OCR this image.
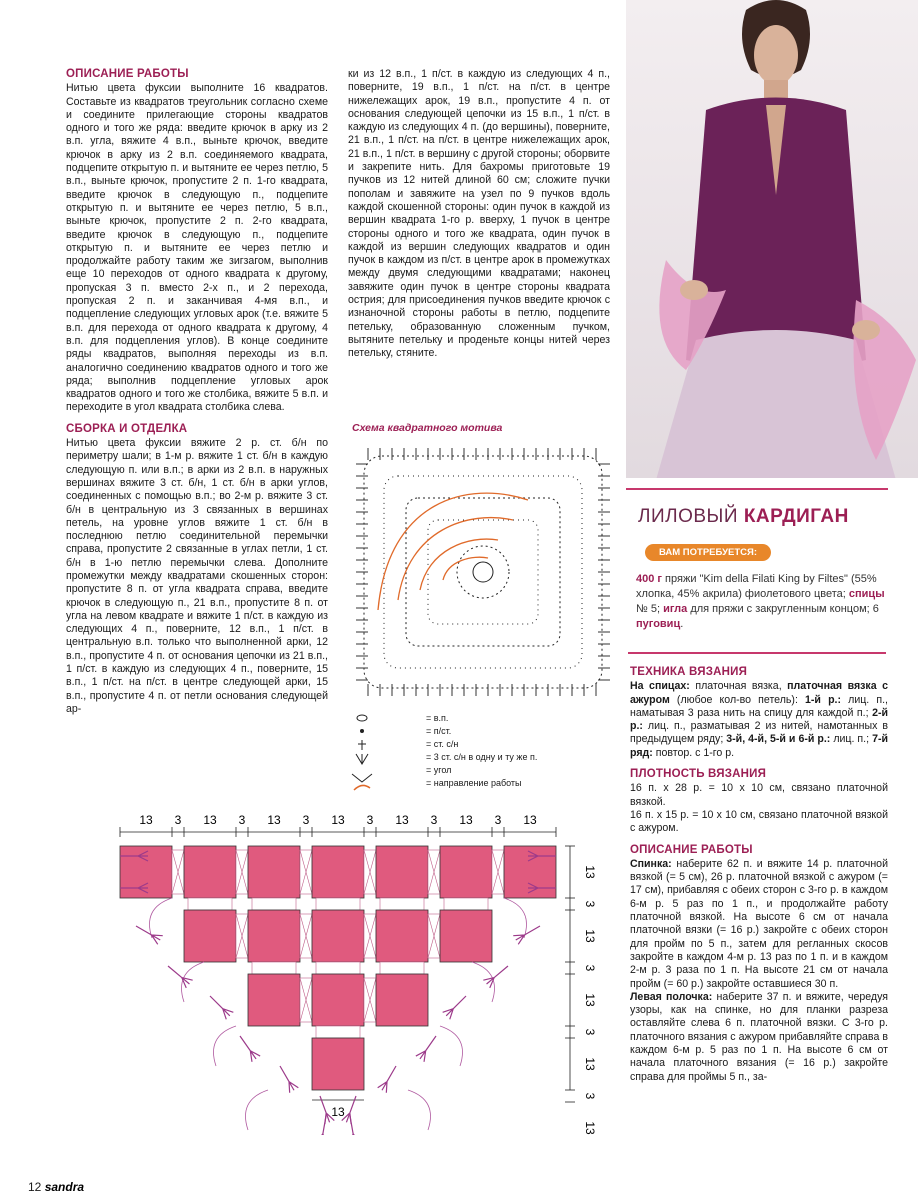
ОПИСАНИЕ РАБОТЫ
Нитью цвета фуксии выполните 16 квадратов. Составьте из квадратов треугольник согласно схеме и соедините прилегающие стороны квадратов одного и того же ряда: введите крючок в арку из 2 в.п. угла, вяжите 4 в.п., выньте крючок, введите крючок в арку из 2 в.п. соединяемого квадрата, подцепите открытую п. и вытяните ее через петлю, 5 в.п., выньте крючок, пропустите 2 п. 1-го квадрата, введите крючок в следующую п., подцепите открытую п. и вытяните ее через петлю, 5 в.п., выньте крючок, пропустите 2 п. 2-го квадрата, введите крючок в следующую п., подцепите открытую п. и вытяните ее через петлю и продолжайте работу таким же зигзагом, выполнив еще 10 переходов от одного квадрата к другому, пропуская 3 п. вместо 2-х п., и 2 перехода, пропуская 2 п. и заканчивая 4-мя в.п., и подцепление следующих угловых арок (т.е. вяжите 5 в.п. для перехода от одного квадрата к другому, 4 в.п. для подцепления углов). В конце соедините ряды квадратов, выполняя переходы из в.п. аналогично соединению квадратов одного и того же ряда; выполнив подцепление угловых арок квадратов одного и того же столбика, вяжите 5 в.п. и переходите в угол квадрата столбика слева.
СБОРКА И ОТДЕЛКА
Нитью цвета фуксии вяжите 2 р. ст. б/н по периметру шали; в 1-м р. вяжите 1 ст. б/н в каждую следующую п. или в.п.; в арки из 2 в.п. в наружных вершинах вяжите 3 ст. б/н, 1 ст. б/н в арки углов, соединенных с помощью в.п.; во 2-м р. вяжите 3 ст. б/н в центральную из 3 связанных в вершинах петель, на уровне углов вяжите 1 ст. б/н в последнюю петлю соединительной перемычки справа, пропустите 2 связанные в углах петли, 1 ст. б/н в 1-ю петлю перемычки слева. Дополните промежутки между квадратами скошенных сторон: пропустите 8 п. от угла квадрата справа, введите крючок в следующую п., 21 в.п., пропустите 8 п. от угла на левом квадрате и вяжите 1 п/ст. в каждую из следующих 4 п., поверните, 12 в.п., 1 п/ст. в центральную в.п. только что выполненной арки, 12 в.п., пропустите 4 п. от основания цепочки из 21 в.п., 1 п/ст. в каждую из следующих 4 п., поверните, 15 в.п., 1 п/ст. на п/ст. в центре следующей арки, 15 в.п., пропустите 4 п. от петли основания следующей ар-
ки из 12 в.п., 1 п/ст. в каждую из следующих 4 п., поверните, 19 в.п., 1 п/ст. на п/ст. в центре нижележащих арок, 19 в.п., пропустите 4 п. от основания следующей цепочки из 15 в.п., 1 п/ст. в каждую из следующих 4 п. (до вершины), поверните, 21 в.п., 1 п/ст. на п/ст. в центре нижележащих арок, 21 в.п., 1 п/ст. в вершину с другой стороны; оборвите и закрепите нить. Для бахромы приготовьте 19 пучков из 12 нитей длиной 60 см; сложите пучки пополам и завяжите на узел по 9 пучков вдоль каждой скошенной стороны: один пучок в каждой из вершин квадрата 1-го р. вверху, 1 пучок в центре стороны одного и того же квадрата, один пучок в каждой из вершин следующих квадратов и один пучок в каждом из п/ст. в центре арок в промежутках между двумя следующими квадратами; наконец завяжите один пучок в центре стороны квадрата острия; для присоединения пучков введите крючок с изнаночной стороны работы в петлю, подцепите петельку, образованную сложенным пучком, вытяните петельку и проденьте концы нитей через петельку, стяните.
Схема квадратного мотива
= в.п.
= п/ст.
= ст. с/н
= 3 ст. с/н в одну и ту же п.
= угол
= направление работы
13 3 13 3 13 3 13 3 13 3 13 3 13
13
3
13
3
13
3
13
3
13
13
ЛИЛОВЫЙ КАРДИГАН
ВАМ ПОТРЕБУЕТСЯ:
400 г пряжи "Kim della Filati King by Filtes" (55% хлопка, 45% акрила) фиолетового цвета; спицы № 5; игла для пряжи с закругленным концом; 6 пуговиц.
ТЕХНИКА ВЯЗАНИЯ
На спицах: платочная вязка, платочная вязка с ажуром (любое кол-во петель): 1-й р.: лиц. п., наматывая 3 раза нить на спицу для каждой п.; 2-й р.: лиц. п., разматывая 2 из нитей, намотанных в предыдущем ряду; 3-й, 4-й, 5-й и 6-й р.: лиц. п.; 7-й ряд: повтор. с 1-го р.
ПЛОТНОСТЬ ВЯЗАНИЯ
16 п. х 28 р. = 10 х 10 см, связано платочной вязкой.
16 п. х 15 р. = 10 х 10 см, связано платочной вязкой с ажуром.
ОПИСАНИЕ РАБОТЫ
Спинка: наберите 62 п. и вяжите 14 р. платочной вязкой (= 5 см), 26 р. платочной вязкой с ажуром (= 17 см), прибавляя с обеих сторон с 3-го р. в каждом 6-м р. 5 раз по 1 п., и продолжайте работу платочной вязкой. На высоте 6 см от начала платочной вязки (= 16 р.) закройте с обеих сторон для пройм по 5 п., затем для регланных скосов закройте в каждом 4-м р. 13 раз по 1 п. и в каждом 2-м р. 3 раза по 1 п. На высоте 21 см от начала пройм (= 60 р.) закройте оставшиеся 30 п.
Левая полочка: наберите 37 п. и вяжите, чередуя узоры, как на спинке, но для планки разреза оставляйте слева 6 п. платочной вязки. С 3-го р. платочного вязания с ажуром прибавляйте справа в каждом 6-м р. 5 раз по 1 п. На высоте 6 см от начала платочного вязания (= 16 р.) закройте справа для проймы 5 п., за-
12 sandra
